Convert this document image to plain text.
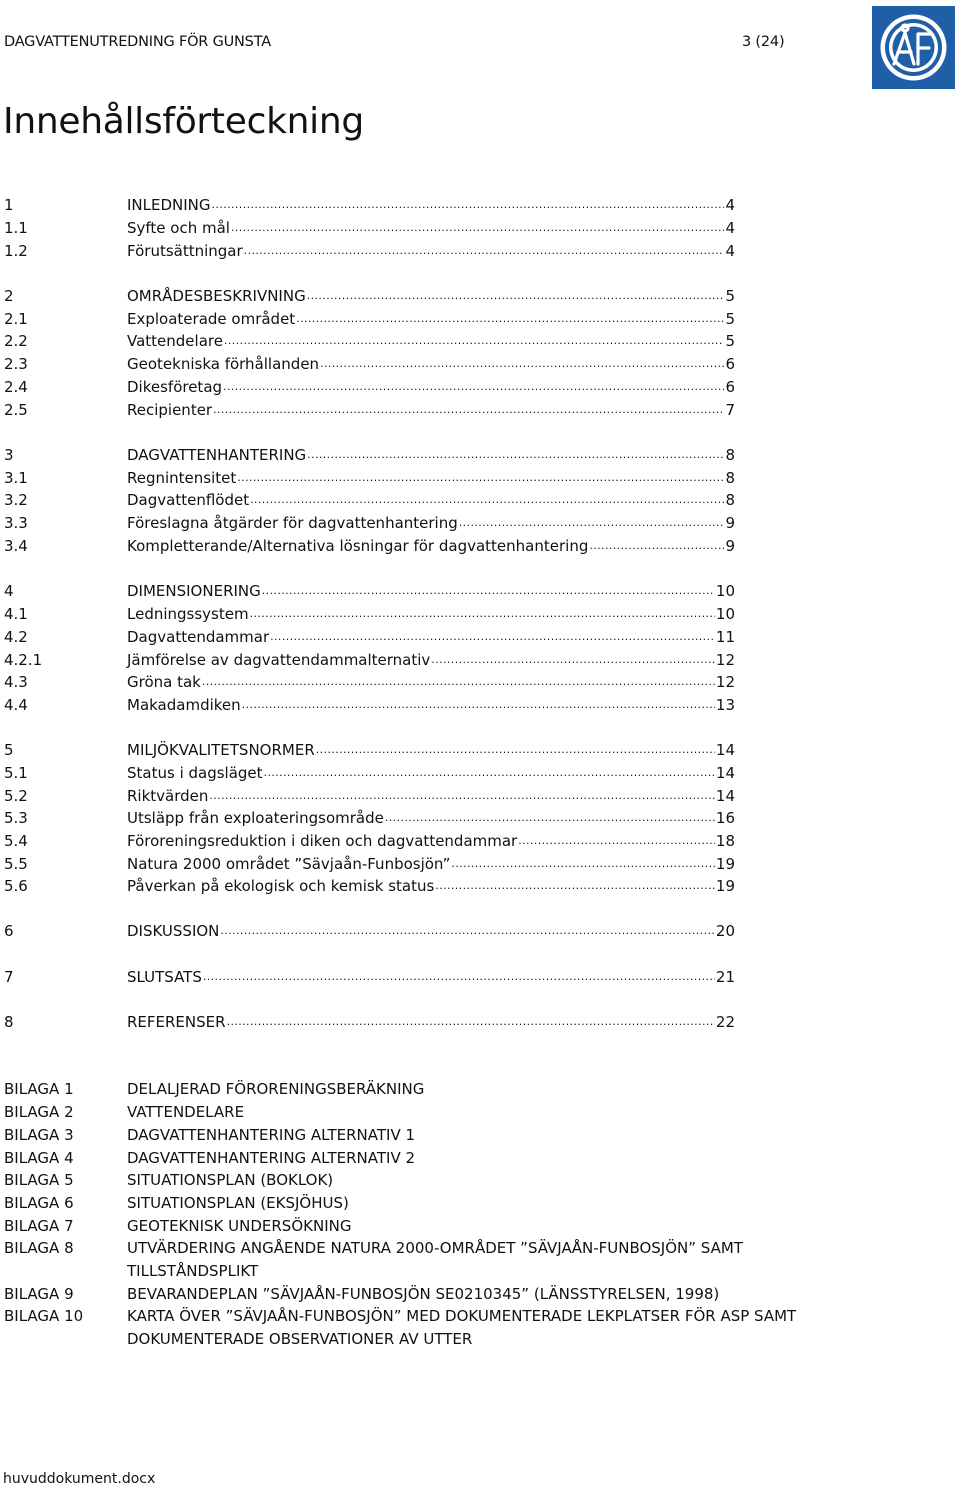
DAGVATTENUTREDNING FÖR GUNSTA	3 (24)
Innehållsförteckning
1	INLEDNING .....	4
1.1	Syfte och mål .....	4
1.2	Förutsättningar .....	4
2	OMRÅDESBESKRIVNING .....	5
2.1	Exploaterade området .....	5
2.2	Vattendelare .....	5
2.3	Geotekniska förhållanden .....	6
2.4	Dikesföretag .....	6
2.5	Recipienter .....	7
3	DAGVATTENHANTERING .....	8
3.1	Regnintensitet .....	8
3.2	Dagvattenflödet .....	8
3.3	Föreslagna åtgärder för dagvattenhantering .....	9
3.4	Kompletterande/Alternativa lösningar för dagvattenhantering .....	9
4	DIMENSIONERING .....	10
4.1	Ledningssystem .....	10
4.2	Dagvattendammar .....	11
4.2.1	Jämförelse av dagvattendammalternativ .....	12
4.3	Gröna tak .....	12
4.4	Makadamdiken .....	13
5	MILJÖKVALITETSNORMER .....	14
5.1	Status i dagsläget .....	14
5.2	Riktvärden .....	14
5.3	Utsläpp från exploateringsområde .....	16
5.4	Föroreningsreduktion i diken och dagvattendammar .....	18
5.5	Natura 2000 området ”Sävjaån-Funbosjön” .....	19
5.6	Påverkan på ekologisk och kemisk status .....	19
6	DISKUSSION .....	20
7	SLUTSATS .....	21
8	REFERENSER .....	22
BILAGA 1	DELALJERAD FÖRORENINGSBERÄKNING
BILAGA 2	VATTENDELARE
BILAGA 3	DAGVATTENHANTERING ALTERNATIV 1
BILAGA 4	DAGVATTENHANTERING ALTERNATIV 2
BILAGA 5	SITUATIONSPLAN (BOKLOK)
BILAGA 6	SITUATIONSPLAN (EKSJÖHUS)
BILAGA 7	GEOTEKNISK UNDERSÖKNING
BILAGA 8	UTVÄRDERING ANGÅENDE NATURA 2000-OMRÅDET ”SÄVJAÅN-FUNBOSJÖN” SAMT TILLSTÅNDSPLIKT
BILAGA 9	BEVARANDEPLAN ”SÄVJAÅN-FUNBOSJÖN SE0210345” (LÄNSSTYRELSEN, 1998)
BILAGA 10	KARTA ÖVER ”SÄVJAÅN-FUNBOSJÖN” MED DOKUMENTERADE LEKPLATSER FÖR ASP SAMT DOKUMENTERADE OBSERVATIONER AV UTTER
huvuddokument.docx
